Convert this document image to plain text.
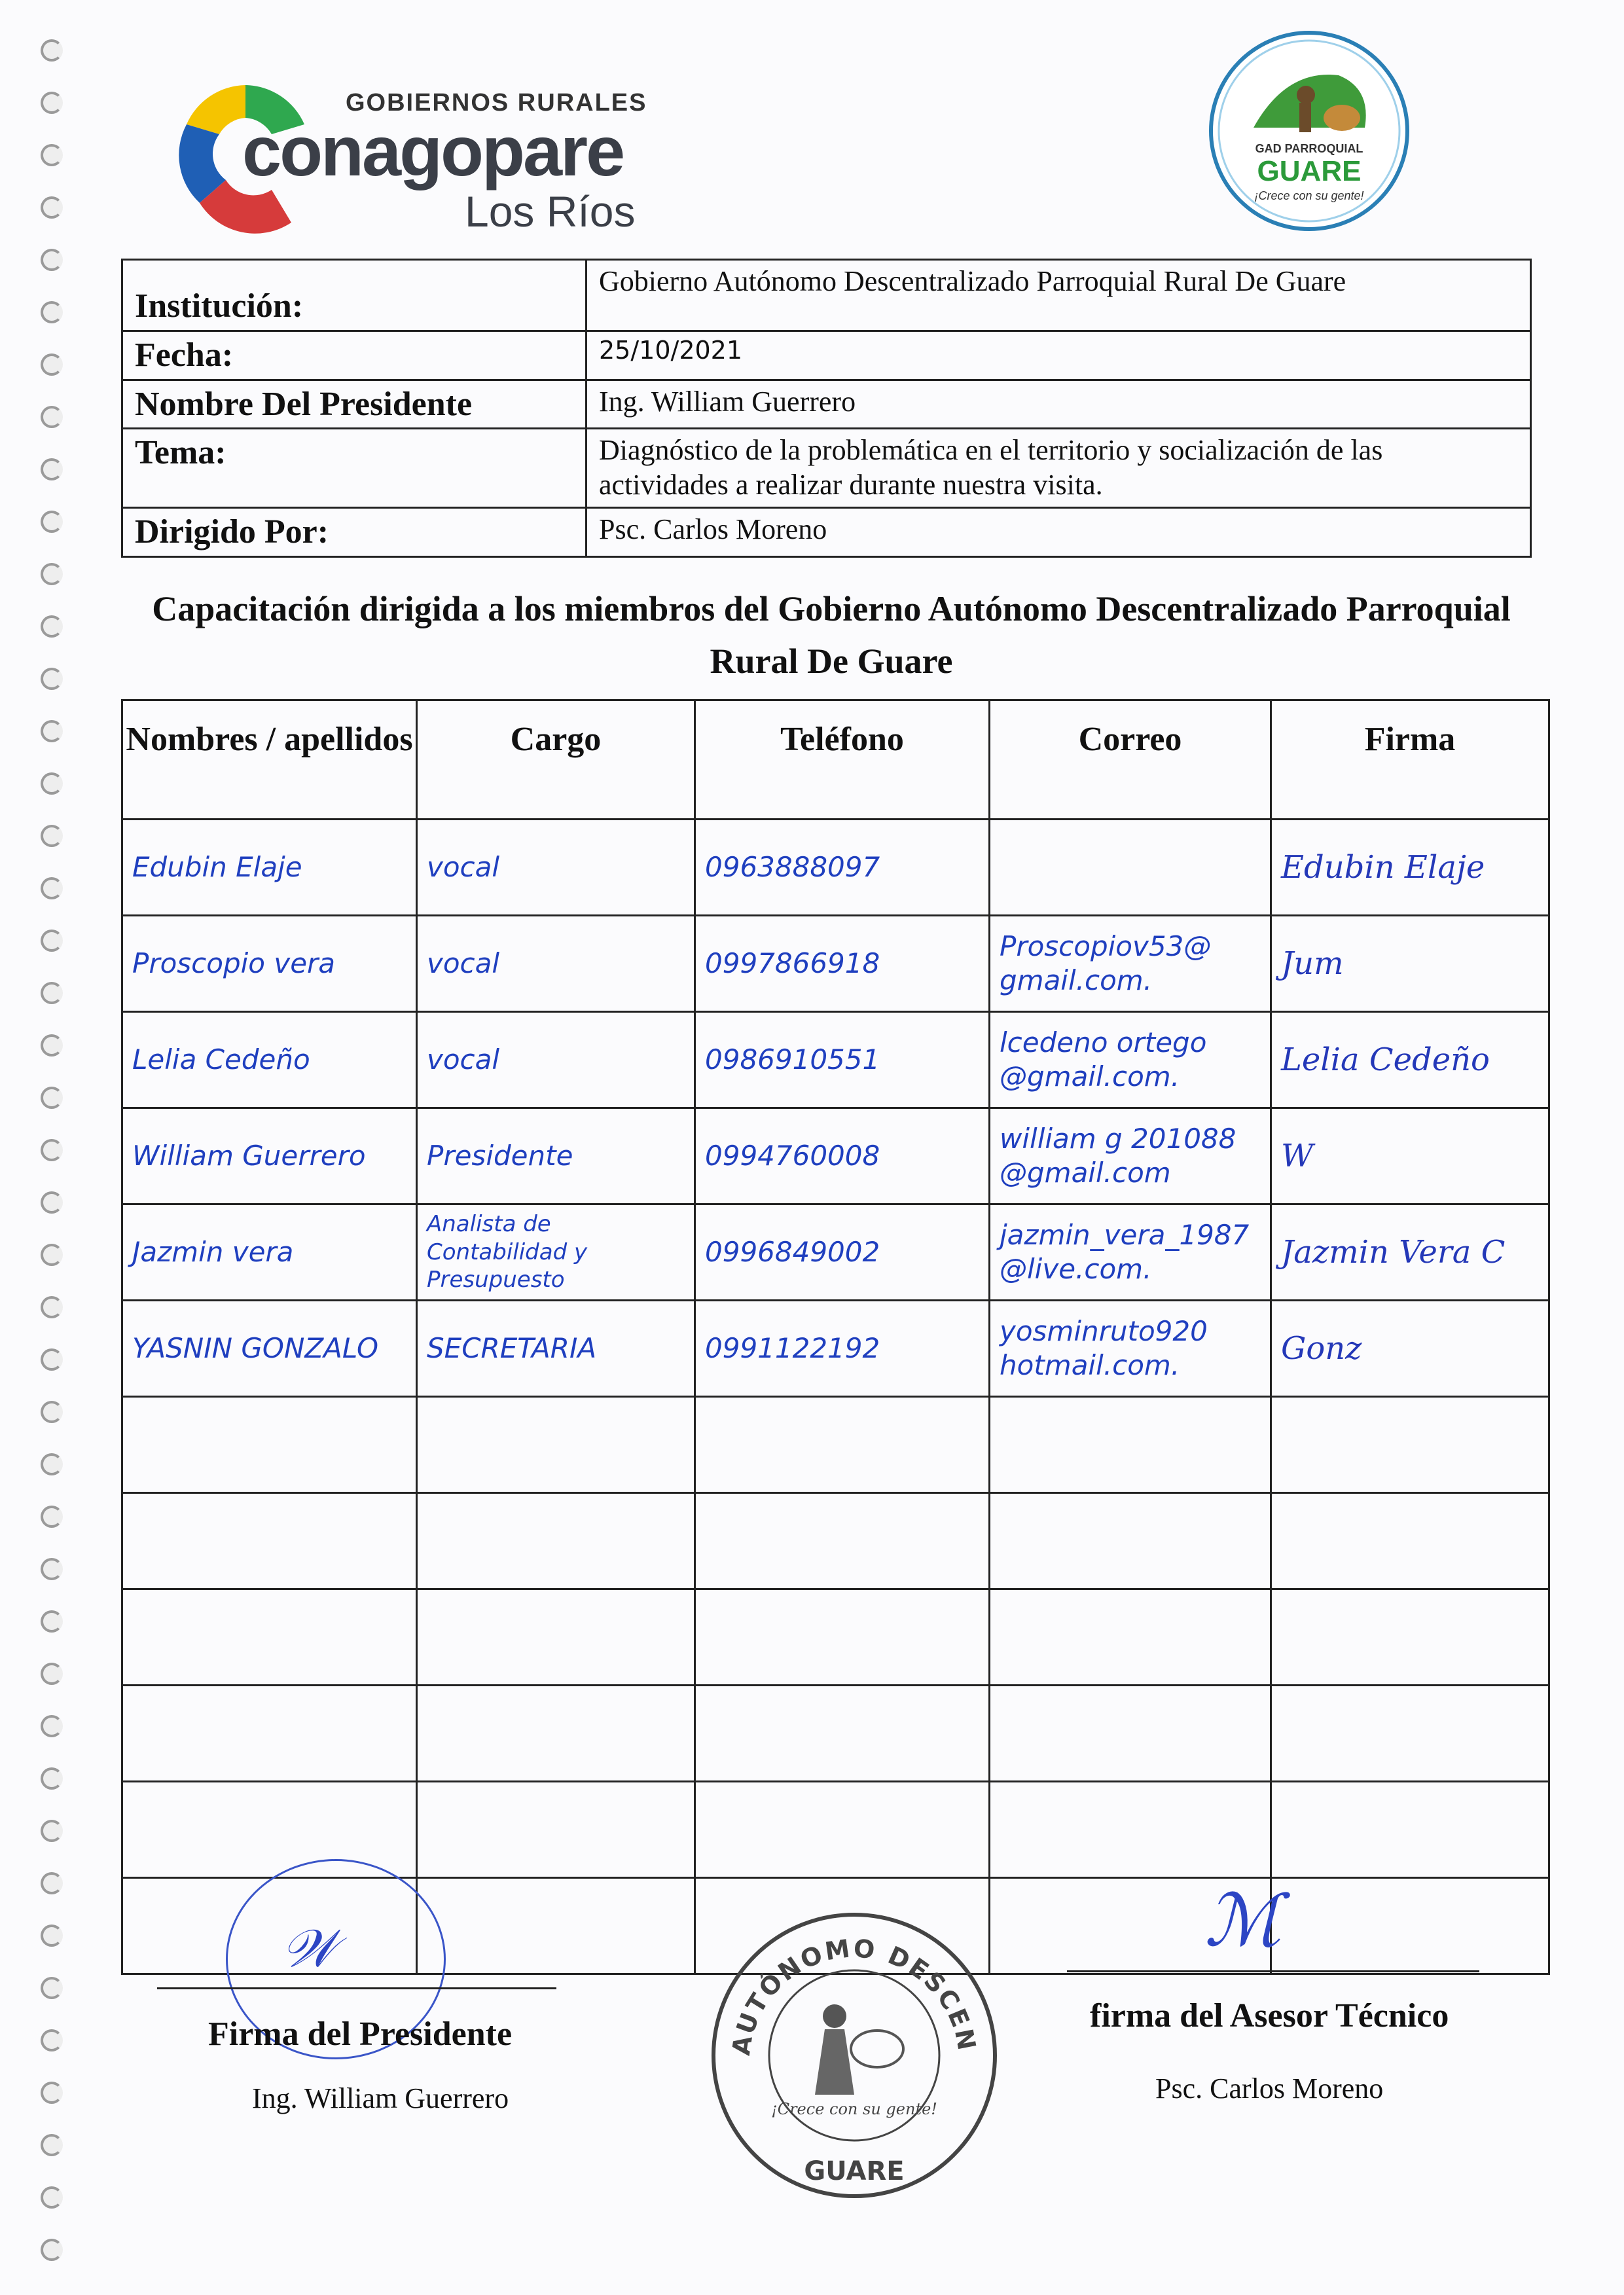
GOBIERNOS RURALES
conagopare
Los Ríos
GAD PARROQUIAL
GUARE
¡Crece con su gente!
Institución:	Gobierno Autónomo Descentralizado Parroquial Rural De Guare
Fecha:	25/10/2021
Nombre Del Presidente	Ing. William Guerrero
Tema:	Diagnóstico de la problemática en el territorio y socialización de las actividades a realizar durante nuestra visita.
Dirigido Por:	Psc. Carlos Moreno
Capacitación dirigida a los miembros del Gobierno Autónomo Descentralizado Parroquial
Rural De Guare
Nombres / apellidos	Cargo	Teléfono	Correo	Firma
Edubin Elaje	vocal	0963888097		Edubin Elaje
Proscopio vera	vocal	0997866918	Proscopiov53@ gmail.com.	Jum
Lelia Cedeño	vocal	0986910551	lcedeno ortego @gmail.com.	Lelia Cedeño
William Guerrero	Presidente	0994760008	william g 201088 @gmail.com	W
Jazmin vera	Analista de Contabilidad y Presupuesto	0996849002	jazmin_vera_1987 @live.com.	Jazmin Vera C
YASNIN GONZALO	SECRETARIA	0991122192	yosminruto920 hotmail.com.	Gonz

𝒲
Firma del Presidente
Ing. William Guerrero
AUTÓNOMO DESCEN
¡Crece con su gente!
GUARE
ℳ
firma del Asesor Técnico
Psc. Carlos Moreno
